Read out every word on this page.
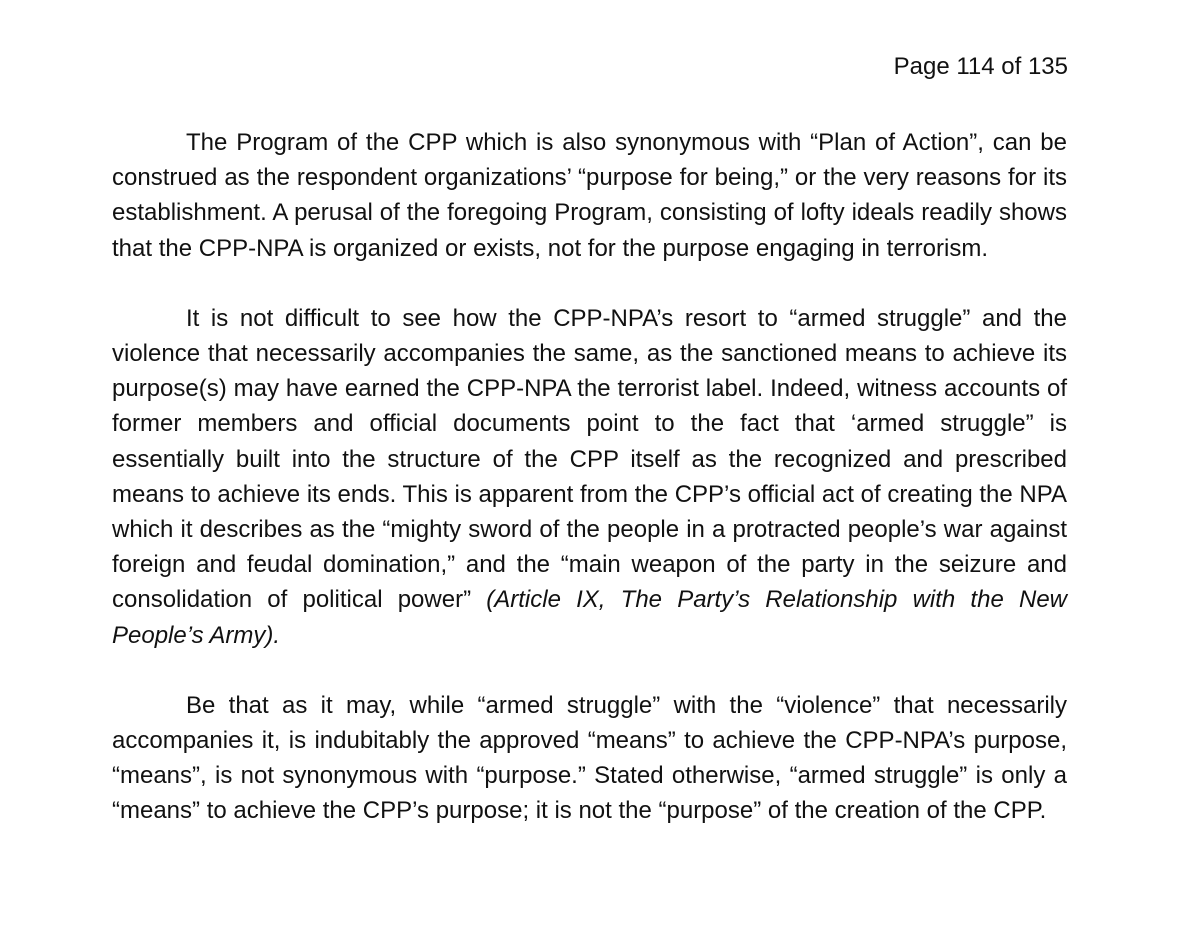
Page 114 of 135

The Program of the CPP which is also synonymous with “Plan of Action”, can be construed as the respondent organizations’ “purpose for being,” or the very reasons for its establishment. A perusal of the foregoing Program, consisting of lofty ideals readily shows that the CPP-NPA is organized or exists, not for the purpose engaging in terrorism.

It is not difficult to see how the CPP-NPA’s resort to “armed struggle” and the violence that necessarily accompanies the same, as the sanctioned means to achieve its purpose(s) may have earned the CPP-NPA the terrorist label. Indeed, witness accounts of former members and official documents point to the fact that ‘armed struggle” is essentially built into the structure of the CPP itself as the recognized and prescribed means to achieve its ends. This is apparent from the CPP’s official act of creating the NPA which it describes as the “mighty sword of the people in a protracted people’s war against foreign and feudal domination,” and the “main weapon of the party in the seizure and consolidation of political power” (Article IX, The Party’s Relationship with the New People’s Army).

Be that as it may, while “armed struggle” with the “violence” that necessarily accompanies it, is indubitably the approved “means” to achieve the CPP-NPA’s purpose, “means”, is not synonymous with “purpose.” Stated otherwise, “armed struggle” is only a “means” to achieve the CPP’s purpose; it is not the “purpose” of the creation of the CPP.
